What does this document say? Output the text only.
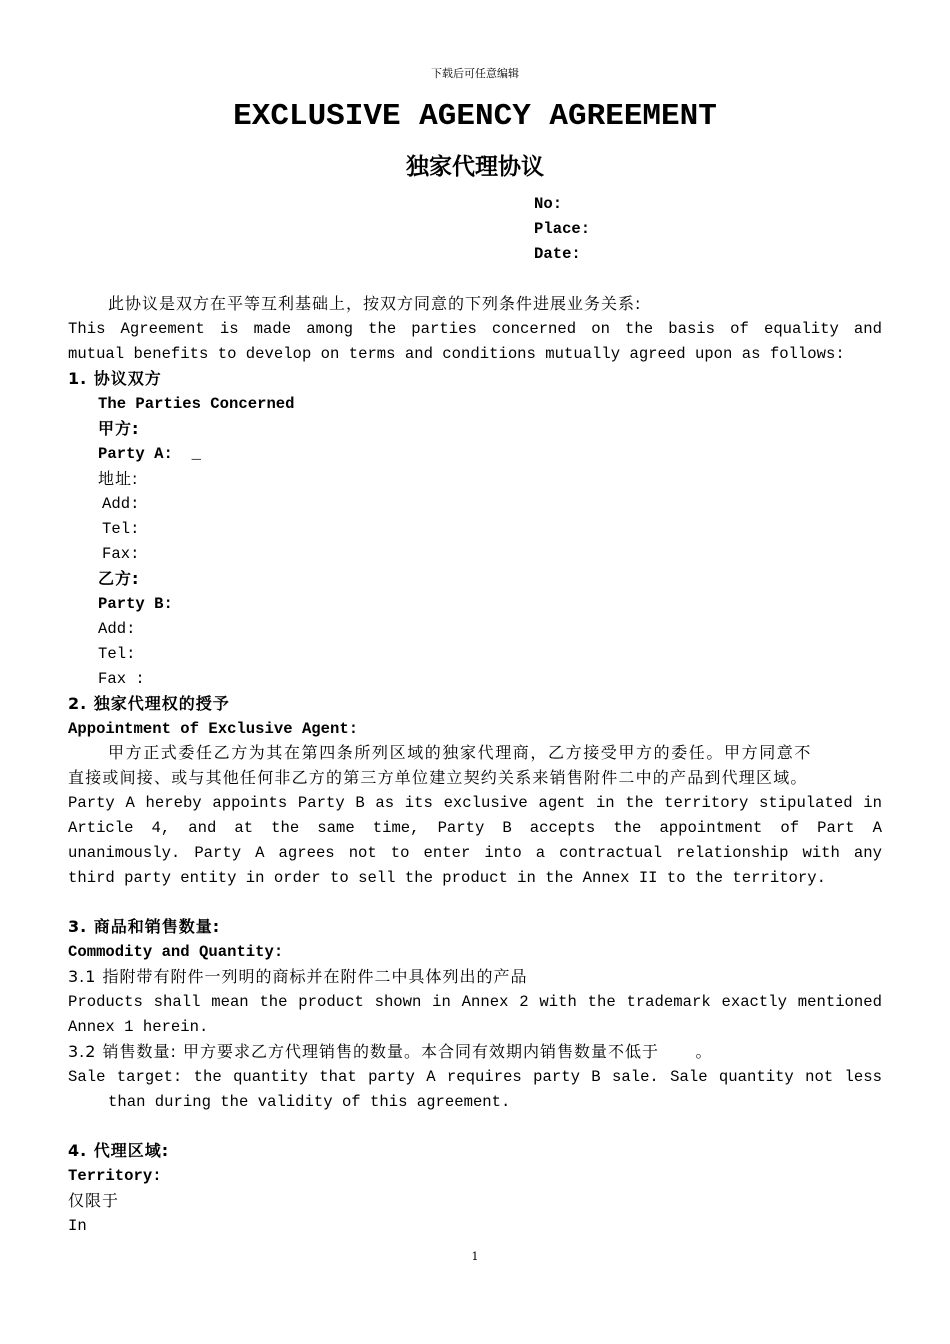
下载后可任意编辑
EXCLUSIVE AGENCY AGREEMENT
独家代理协议
No:
Place:
Date:
此协议是双方在平等互利基础上，按双方同意的下列条件进展业务关系:
This Agreement is made among the parties concerned on the basis of equality and
mutual benefits to develop on terms and conditions mutually agreed upon as follows:
1. 协议双方
The Parties Concerned
甲方:
Party A:  _
地址:
Add:
Tel:
Fax:
乙方:
Party B:
Add:
Tel:
Fax :
2. 独家代理权的授予
Appointment of Exclusive Agent:
甲方正式委任乙方为其在第四条所列区域的独家代理商，乙方接受甲方的委任。甲方同意不
直接或间接、或与其他任何非乙方的第三方单位建立契约关系来销售附件二中的产品到代理区域。
Party A hereby appoints Party B as its exclusive agent in the territory stipulated in
Article 4, and at the same time, Party B accepts the appointment of Part A
unanimously. Party A agrees not to enter into a contractual relationship with any
third party entity in order to sell the product in the Annex II to the territory.
3. 商品和销售数量:
Commodity and Quantity:
3.1 指附带有附件一列明的商标并在附件二中具体列出的产品
Products shall mean the product shown in Annex 2 with the trademark exactly mentioned
Annex 1 herein.
3.2 销售数量: 甲方要求乙方代理销售的数量。本合同有效期内销售数量不低于      。
Sale target: the quantity that party A requires party B sale. Sale quantity not less
than during the validity of this agreement.
4. 代理区域:
Territory:
仅限于
In
1
